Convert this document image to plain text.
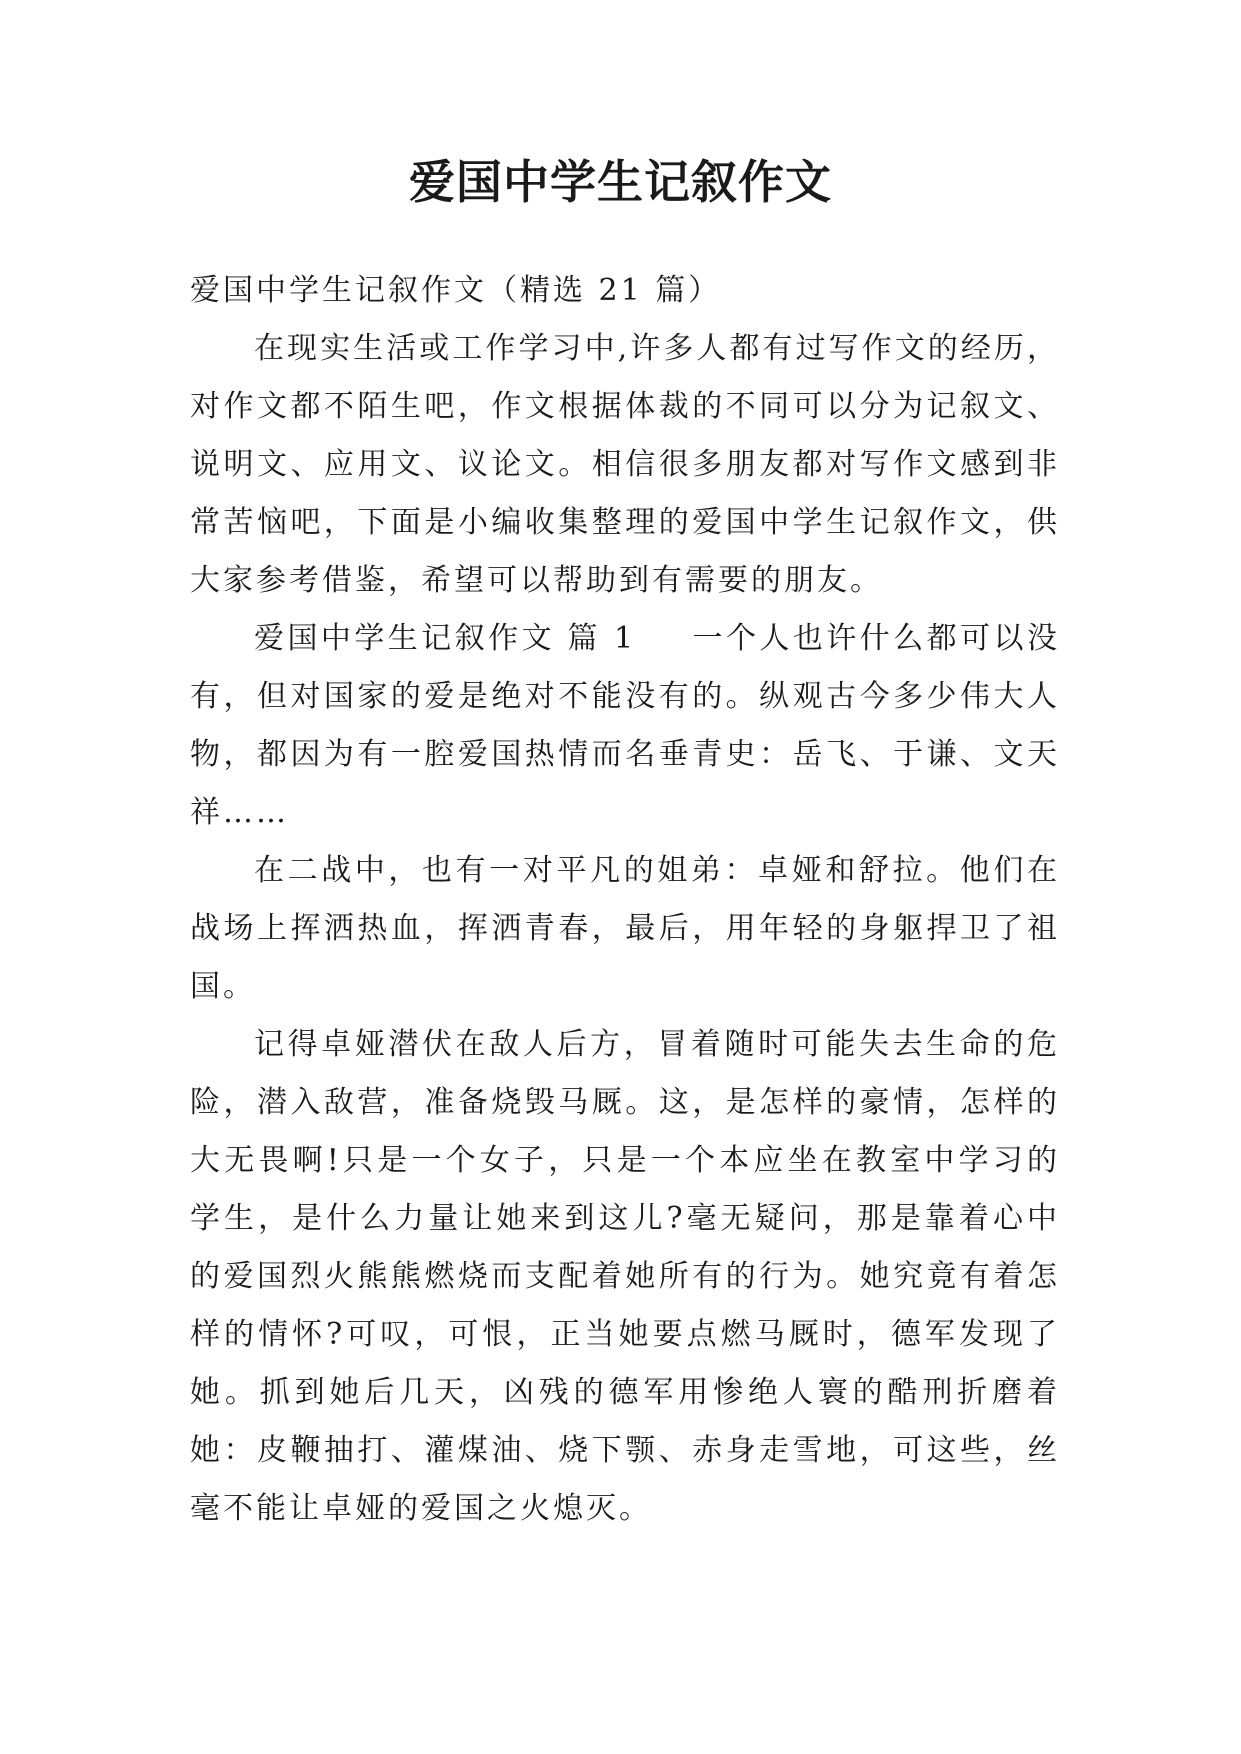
爱国中学生记叙作文

爱国中学生记叙作文（精选 21 篇）

在现实生活或工作学习中,许多人都有过写作文的经历，对作文都不陌生吧，作文根据体裁的不同可以分为记叙文、说明文、应用文、议论文。相信很多朋友都对写作文感到非常苦恼吧，下面是小编收集整理的爱国中学生记叙作文，供大家参考借鉴，希望可以帮助到有需要的朋友。

爱国中学生记叙作文 篇 1 一个人也许什么都可以没有，但对国家的爱是绝对不能没有的。纵观古今多少伟大人物，都因为有一腔爱国热情而名垂青史：岳飞、于谦、文天祥……

在二战中，也有一对平凡的姐弟：卓娅和舒拉。他们在战场上挥洒热血，挥洒青春，最后，用年轻的身躯捍卫了祖国。

记得卓娅潜伏在敌人后方，冒着随时可能失去生命的危险，潜入敌营，准备烧毁马厩。这，是怎样的豪情，怎样的大无畏啊!只是一个女子，只是一个本应坐在教室中学习的学生，是什么力量让她来到这儿?毫无疑问，那是靠着心中的爱国烈火熊熊燃烧而支配着她所有的行为。她究竟有着怎样的情怀?可叹，可恨，正当她要点燃马厩时，德军发现了她。抓到她后几天，凶残的德军用惨绝人寰的酷刑折磨着她：皮鞭抽打、灌煤油、烧下颚、赤身走雪地，可这些，丝毫不能让卓娅的爱国之火熄灭。
